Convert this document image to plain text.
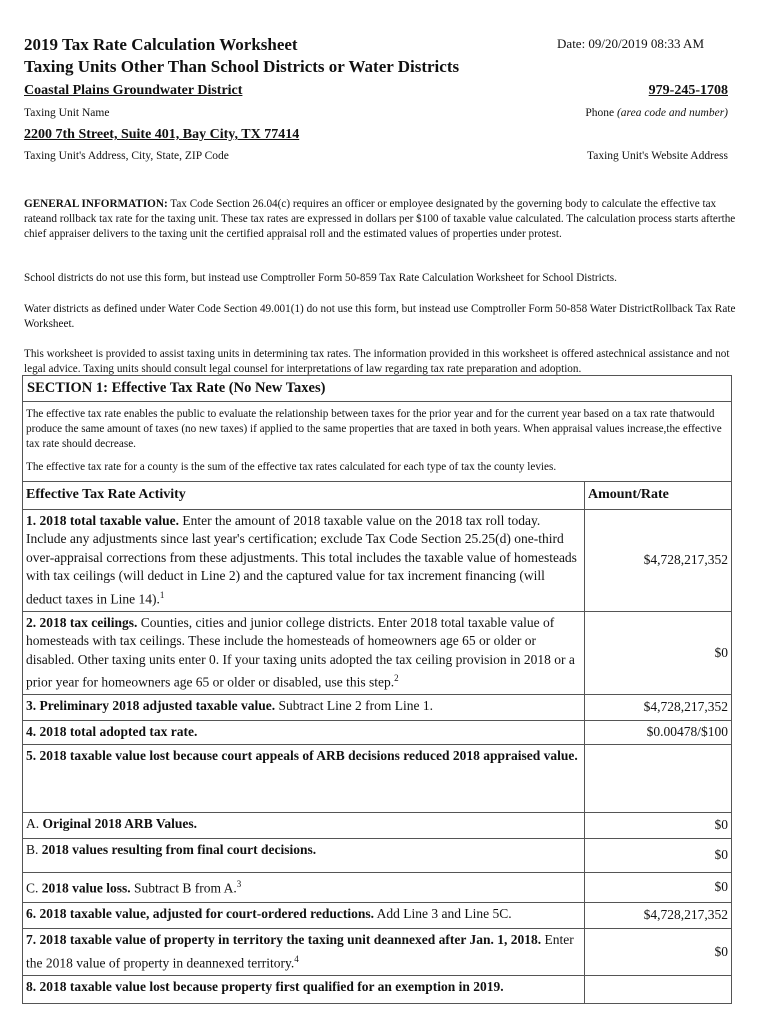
2019 Tax Rate Calculation Worksheet
Taxing Units Other Than School Districts or Water Districts
Date: 09/20/2019 08:33 AM
Coastal Plains Groundwater District	979-245-1708
Taxing Unit Name	Phone (area code and number)
2200 7th Street, Suite 401, Bay City, TX 77414
Taxing Unit's Address, City, State, ZIP Code	Taxing Unit's Website Address
GENERAL INFORMATION: Tax Code Section 26.04(c) requires an officer or employee designated by the governing body to calculate the effective tax rateand rollback tax rate for the taxing unit. These tax rates are expressed in dollars per $100 of taxable value calculated. The calculation process starts afterthe chief appraiser delivers to the taxing unit the certified appraisal roll and the estimated values of properties under protest.
School districts do not use this form, but instead use Comptroller Form 50-859 Tax Rate Calculation Worksheet for School Districts.
Water districts as defined under Water Code Section 49.001(1) do not use this form, but instead use Comptroller Form 50-858 Water DistrictRollback Tax Rate Worksheet.
This worksheet is provided to assist taxing units in determining tax rates. The information provided in this worksheet is offered astechnical assistance and not legal advice. Taxing units should consult legal counsel for interpretations of law regarding tax rate preparation and adoption.
SECTION 1: Effective Tax Rate (No New Taxes)
The effective tax rate enables the public to evaluate the relationship between taxes for the prior year and for the current year based on a tax rate thatwould produce the same amount of taxes (no new taxes) if applied to the same properties that are taxed in both years. When appraisal values increase,the effective tax rate should decrease.
The effective tax rate for a county is the sum of the effective tax rates calculated for each type of tax the county levies.
Effective Tax Rate Activity	Amount/Rate
1. 2018 total taxable value. Enter the amount of 2018 taxable value on the 2018 tax roll today. Include any adjustments since last year's certification; exclude Tax Code Section 25.25(d) one-third over-appraisal corrections from these adjustments. This total includes the taxable value of homesteads with tax ceilings (will deduct in Line 2) and the captured value for tax increment financing (will deduct taxes in Line 14).$^1$	$4,728,217,352
2. 2018 tax ceilings. Counties, cities and junior college districts. Enter 2018 total taxable value of homesteads with tax ceilings. These include the homesteads of homeowners age 65 or older or disabled. Other taxing units enter 0. If your taxing units adopted the tax ceiling provision in 2018 or a prior year for homeowners age 65 or older or disabled, use this step.$^2$	$0
3. Preliminary 2018 adjusted taxable value. Subtract Line 2 from Line 1.	$4,728,217,352
4. 2018 total adopted tax rate.	$0.00478/$100
5. 2018 taxable value lost because court appeals of ARB decisions reduced 2018 appraised value.	
A. Original 2018 ARB Values.	$0
B. 2018 values resulting from final court decisions.	$0
C. 2018 value loss. Subtract B from A.$^3$	$0
6. 2018 taxable value, adjusted for court-ordered reductions. Add Line 3 and Line 5C.	$4,728,217,352
7. 2018 taxable value of property in territory the taxing unit deannexed after Jan. 1, 2018. Enter the 2018 value of property in deannexed territory.$^4$	$0
8. 2018 taxable value lost because property first qualified for an exemption in 2019.	
